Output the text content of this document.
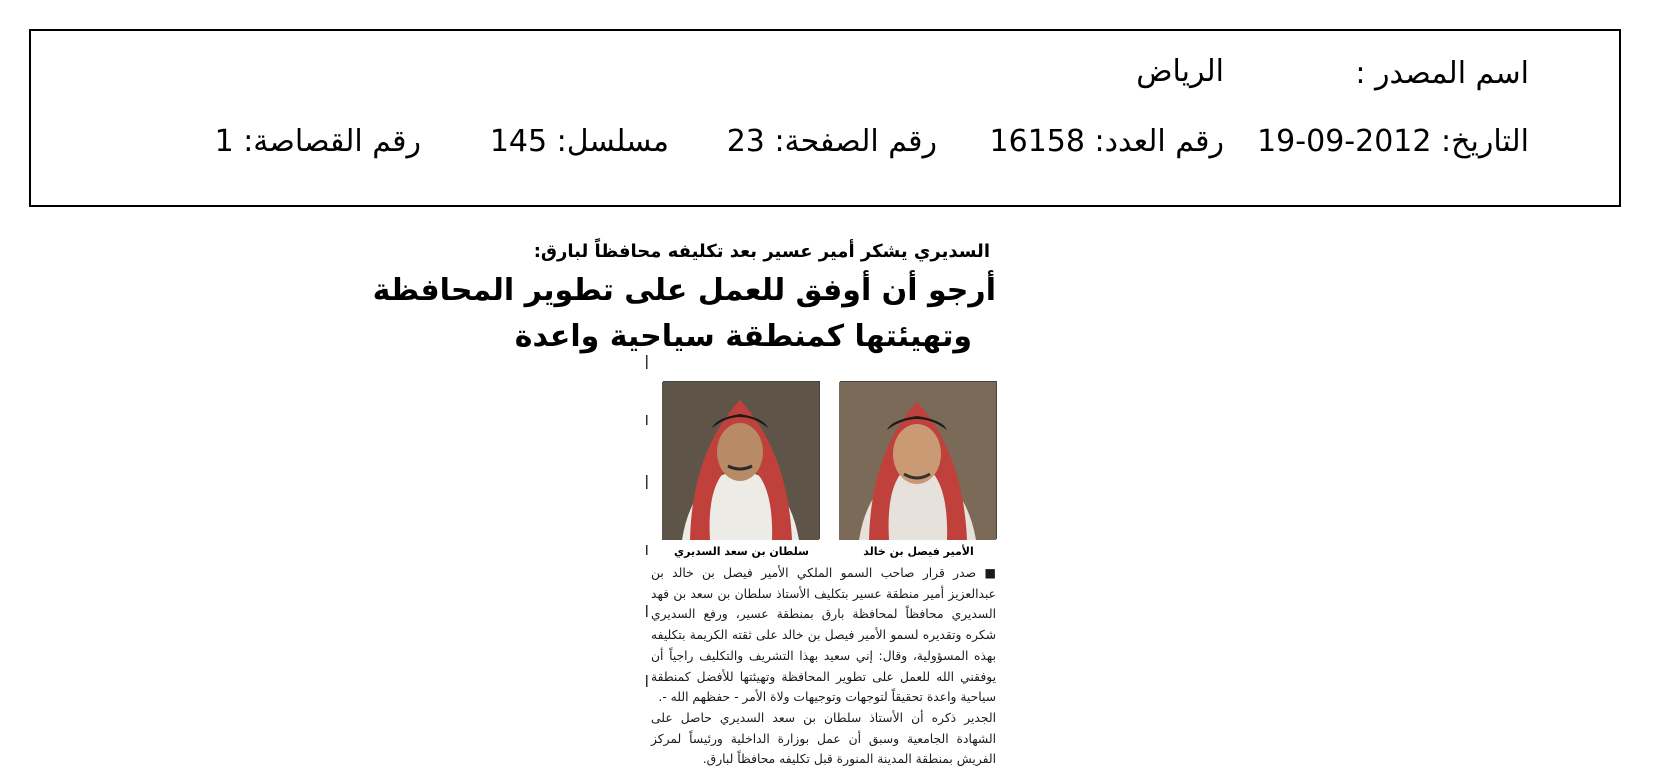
اسم المصدر :
الرياض
التاريخ: 2012-09-19
رقم العدد: 16158
رقم الصفحة: 23
مسلسل: 145
رقم القصاصة: 1
السديري يشكر أمير عسير بعد تكليفه محافظاً لبارق:
أرجو أن أوفق للعمل على تطوير المحافظة
وتهيئتها كمنطقة سياحية واعدة
الأمير فيصل بن خالد
سلطان بن سعد السديري

■ صدر قرار صاحب السمو الملكي الأمير فيصل بن خالد بن عبدالعزيز أمير منطقة عسير بتكليف الأستاذ سلطان بن سعد بن فهد السديري محافظاً لمحافظة بارق بمنطقة عسير، ورفع السديري شكره وتقديره لسمو الأمير فيصل بن خالد على ثقته الكريمة بتكليفه بهذه المسؤولية، وقال: إني سعيد بهذا التشريف والتكليف راجياً أن يوفقني الله للعمل على تطوير المحافظة وتهيئتها للأفضل كمنطقة سياحية واعدة تحقيقاً لتوجهات وتوجيهات ولاة الأمر - حفظهم الله -.

الجدير ذكره أن الأستاذ سلطان بن سعد السديري حاصل على الشهادة الجامعية وسبق أن عمل بوزارة الداخلية ورئيساً لمركز الفريش بمنطقة المدينة المنورة قبل تكليفه محافظاً لبارق.
